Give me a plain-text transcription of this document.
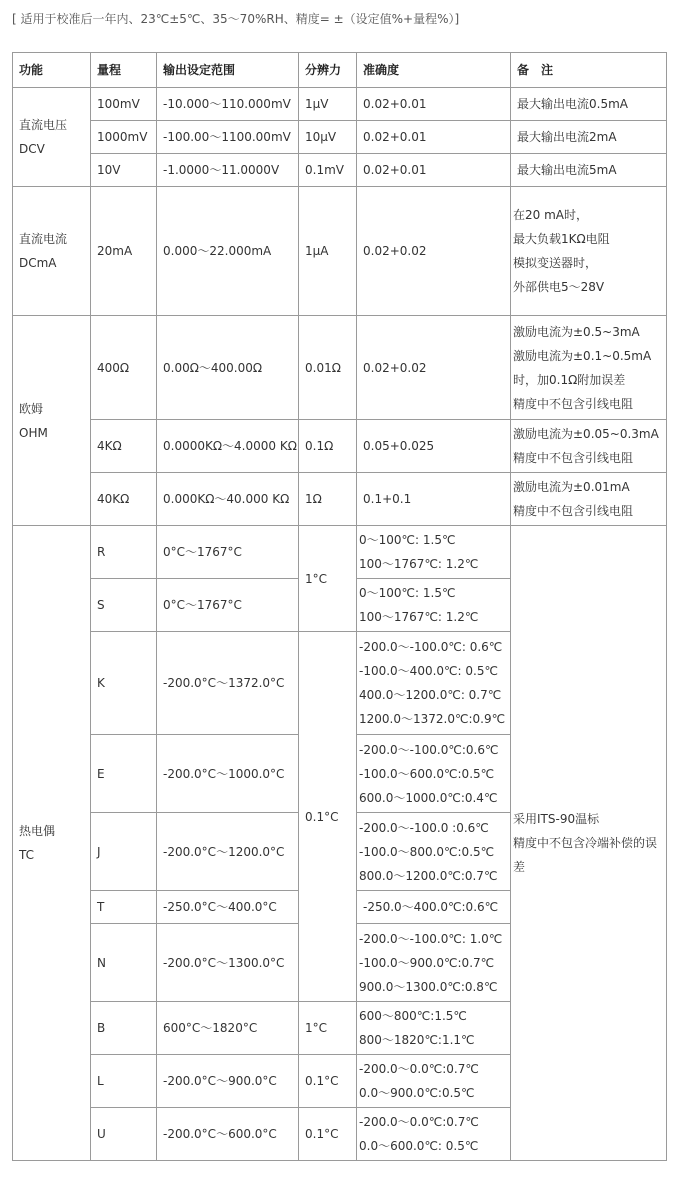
[ 适用于校准后一年内、23℃±5℃、35～70%RH、精度= ±（设定值%+量程%）]
功能	量程	输出设定范围	分辨力	准确度	备　注

直流电压
DCV	100mV	-10.000～110.000mV	1μV	0.02+0.01	最大输出电流0.5mA
	1000mV	-100.00～1100.00mV	10μV	0.02+0.01	最大输出电流2mA
	10V	-1.0000～11.0000V	0.1mV	0.02+0.01	最大输出电流5mA

直流电流
DCmA	20mA	0.000～22.000mA	1μA	0.02+0.02	在20 mA时，
最大负载1KΩ电阻
模拟变送器时，
外部供电5～28V

欧姆
OHM	400Ω	0.00Ω～400.00Ω	0.01Ω	0.02+0.02	激励电流为±0.5~3mA
激励电流为±0.1~0.5mA
时，加0.1Ω附加误差
精度中不包含引线电阻

	4KΩ	0.0000KΩ～4.0000 KΩ	0.1Ω	0.05+0.025	激励电流为±0.05~0.3mA
精度中不包含引线电阻

	40KΩ	0.000KΩ～40.000 KΩ	1Ω	0.1+0.1	激励电流为±0.01mA
精度中不包含引线电阻

热电偶
TC	R	0°C～1767°C	1°C	0～100℃: 1.5℃
100～1767℃: 1.2℃	采用ITS-90温标
精度中不包含冷端补偿的误
差

	S	0°C～1767°C		0～100℃: 1.5℃
100～1767℃: 1.2℃	

	K	-200.0°C～1372.0°C	0.1°C	-200.0～-100.0℃: 0.6℃
-100.0～400.0℃: 0.5℃
400.0～1200.0℃: 0.7℃
1200.0～1372.0℃:0.9℃	

	E	-200.0°C～1000.0°C		-200.0～-100.0℃:0.6℃
-100.0～600.0℃:0.5℃
600.0～1000.0℃:0.4℃	

	J	-200.0°C～1200.0°C		-200.0～-100.0 :0.6℃
-100.0～800.0℃:0.5℃
800.0～1200.0℃:0.7℃	

	T	-250.0°C～400.0°C		-250.0～400.0℃:0.6℃	
	N	-200.0°C～1300.0°C		-200.0～-100.0℃: 1.0℃
-100.0～900.0℃:0.7℃
900.0～1300.0℃:0.8℃	

	B	600°C～1820°C	1°C	600～800℃:1.5℃
800～1820℃:1.1℃	

	L	-200.0°C～900.0°C	0.1°C	-200.0～0.0℃:0.7℃
0.0～900.0℃:0.5℃	

	U	-200.0°C～600.0°C	0.1°C	-200.0～0.0℃:0.7℃
0.0～600.0℃: 0.5℃	
